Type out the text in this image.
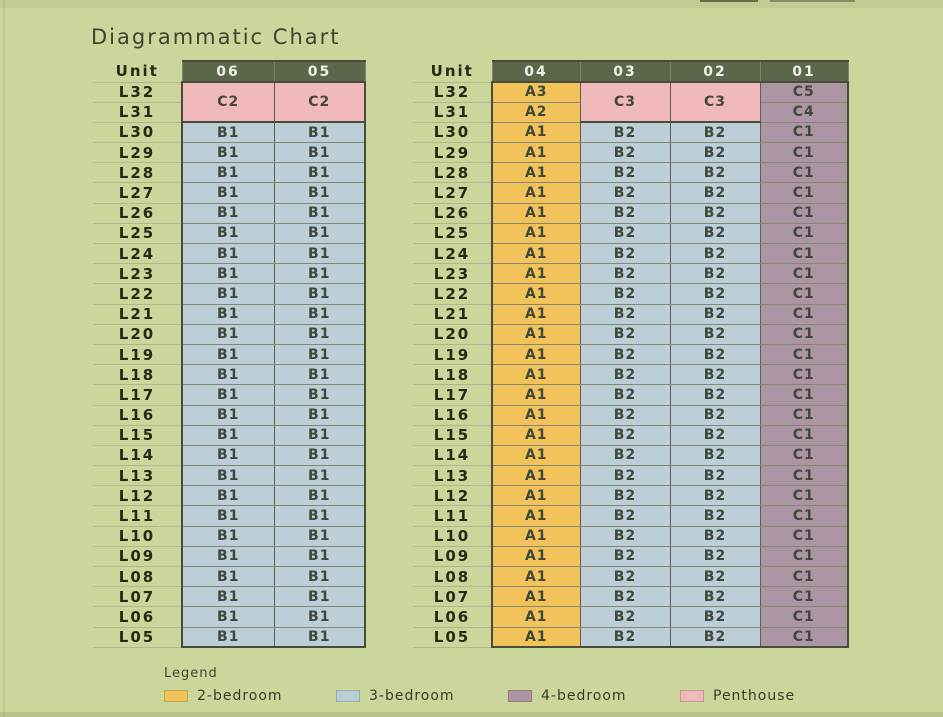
Diagrammatic Chart
Unit	06	05
L32	C2	C2
L31		
L30	B1	B1
L29	B1	B1
L28	B1	B1
L27	B1	B1
L26	B1	B1
L25	B1	B1
L24	B1	B1
L23	B1	B1
L22	B1	B1
L21	B1	B1
L20	B1	B1
L19	B1	B1
L18	B1	B1
L17	B1	B1
L16	B1	B1
L15	B1	B1
L14	B1	B1
L13	B1	B1
L12	B1	B1
L11	B1	B1
L10	B1	B1
L09	B1	B1
L08	B1	B1
L07	B1	B1
L06	B1	B1
L05	B1	B1
Unit	04	03	02	01
L32	A3	C3	C3	C5
L31	A2			C4
L30	A1	B2	B2	C1
L29	A1	B2	B2	C1
L28	A1	B2	B2	C1
L27	A1	B2	B2	C1
L26	A1	B2	B2	C1
L25	A1	B2	B2	C1
L24	A1	B2	B2	C1
L23	A1	B2	B2	C1
L22	A1	B2	B2	C1
L21	A1	B2	B2	C1
L20	A1	B2	B2	C1
L19	A1	B2	B2	C1
L18	A1	B2	B2	C1
L17	A1	B2	B2	C1
L16	A1	B2	B2	C1
L15	A1	B2	B2	C1
L14	A1	B2	B2	C1
L13	A1	B2	B2	C1
L12	A1	B2	B2	C1
L11	A1	B2	B2	C1
L10	A1	B2	B2	C1
L09	A1	B2	B2	C1
L08	A1	B2	B2	C1
L07	A1	B2	B2	C1
L06	A1	B2	B2	C1
L05	A1	B2	B2	C1
Legend
2-bedroom	3-bedroom	4-bedroom	Penthouse
